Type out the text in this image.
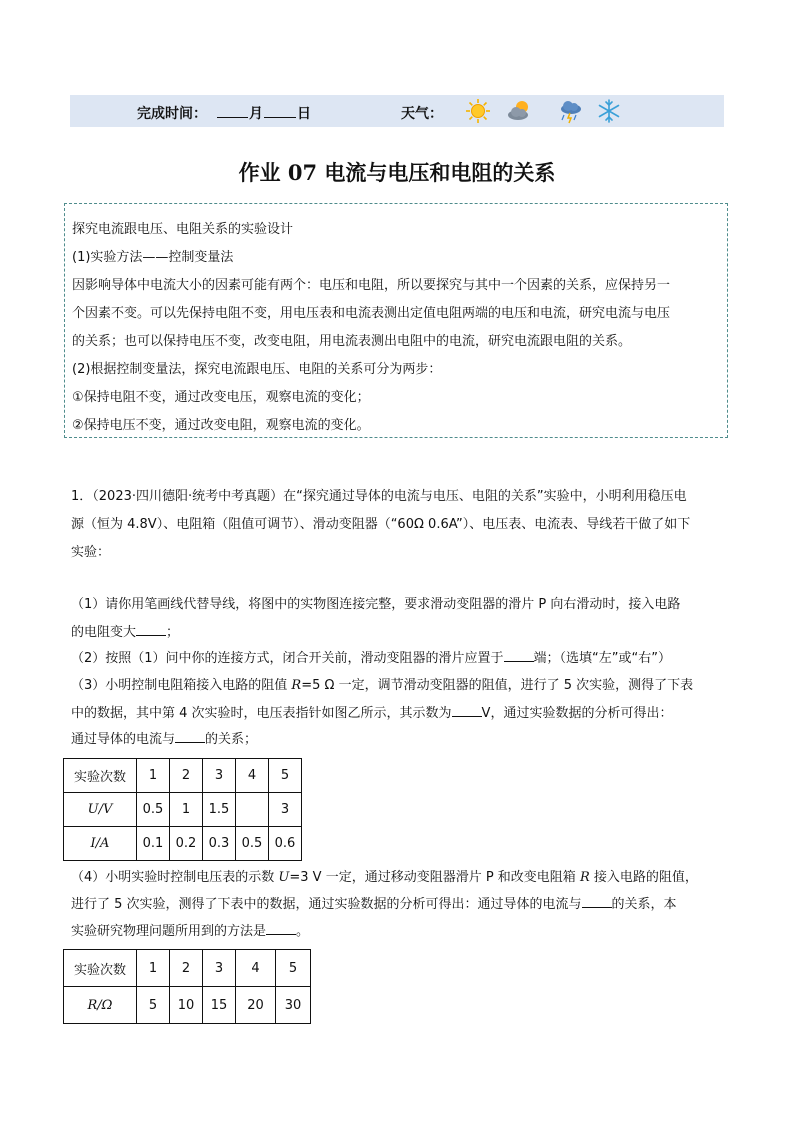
完成时间：	月 日	天气：
作业 07 电流与电压和电阻的关系

探究电流跟电压、电阻关系的实验设计

(1)实验方法——控制变量法

因影响导体中电流大小的因素可能有两个：电压和电阻，所以要探究与其中一个因素的关系，应保持另一

个因素不变。可以先保持电阻不变，用电压表和电流表测出定值电阻两端的电压和电流，研究电流与电压

的关系；也可以保持电压不变，改变电阻，用电流表测出电阻中的电流，研究电流跟电阻的关系。

(2)根据控制变量法，探究电流跟电压、电阻的关系可分为两步：

①保持电阻不变，通过改变电压，观察电流的变化；

②保持电压不变，通过改变电阻，观察电流的变化。

1．（2023·四川德阳·统考中考真题）在“探究通过导体的电流与电压、电阻的关系”实验中，小明利用稳压电

源（恒为 4.8V）、电阻箱（阻值可调节）、滑动变阻器（“60Ω 0.6A”）、电压表、电流表、导线若干做了如下

实验：

（1）请你用笔画线代替导线，将图中的实物图连接完整，要求滑动变阻器的滑片 P 向右滑动时，接入电路

的电阻变大 ；

（2）按照（1）问中你的连接方式，闭合开关前，滑动变阻器的滑片应置于 端；（选填“左”或“右”）

（3）小明控制电阻箱接入电路的阻值 R=5 Ω 一定，调节滑动变阻器的阻值，进行了 5 次实验，测得了下表

中的数据，其中第 4 次实验时，电压表指针如图乙所示，其示数为 V，通过实验数据的分析可得出：

通过导体的电流与 的关系；

（4）小明实验时控制电压表的示数 U=3 V 一定，通过移动变阻器滑片 P 和改变电阻箱 R 接入电路的阻值，

进行了 5 次实验，测得了下表中的数据，通过实验数据的分析可得出：通过导体的电流与 的关系，本

实验研究物理问题所用到的方法是 。

实验次数	1	2	3	4	5
U/V	0.5	1	1.5		3
I/A	0.1	0.2	0.3	0.5	0.6
实验次数	1	2	3	4	5
R/Ω	5	10	15	20	30
